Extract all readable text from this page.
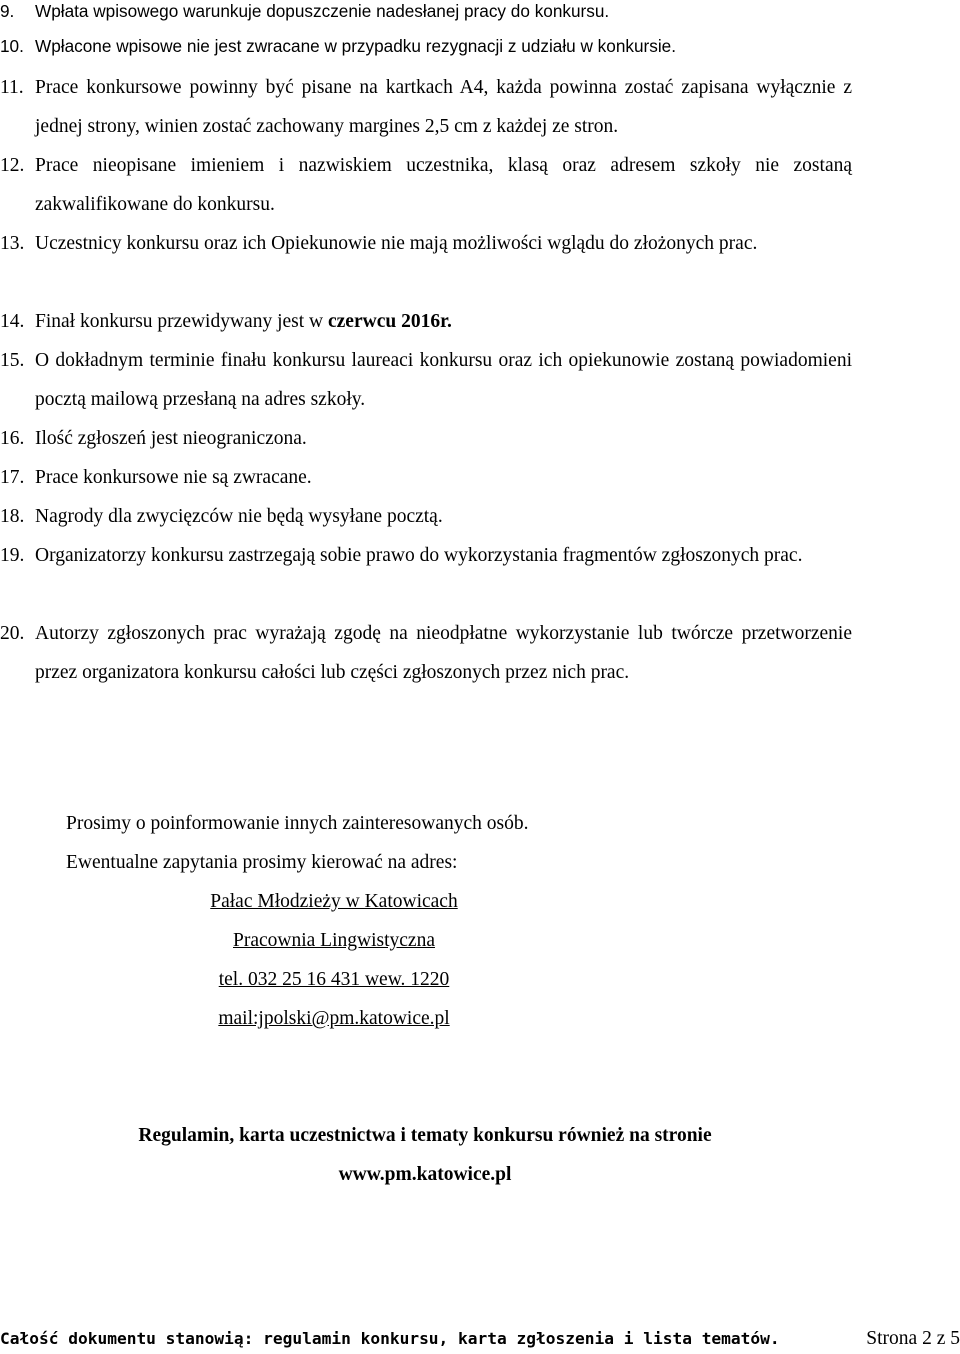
9. Wpłata wpisowego warunkuje dopuszczenie nadesłanej pracy do konkursu.
10. Wpłacone wpisowe nie jest zwracane w przypadku rezygnacji z udziału w konkursie.
11. Prace konkursowe powinny być pisane na kartkach A4, każda powinna zostać zapisana wyłącznie z jednej strony, winien zostać zachowany margines 2,5 cm z każdej ze stron.
12. Prace nieopisane imieniem i nazwiskiem uczestnika, klasą oraz adresem szkoły nie zostaną zakwalifikowane do konkursu.
13. Uczestnicy konkursu oraz ich Opiekunowie nie mają możliwości wglądu do złożonych prac.
14. Finał konkursu przewidywany jest w czerwcu 2016r.
15. O dokładnym terminie finału konkursu laureaci konkursu oraz ich opiekunowie zostaną powiadomieni pocztą mailową przesłaną na adres szkoły.
16. Ilość zgłoszeń jest nieograniczona.
17. Prace konkursowe nie są zwracane.
18. Nagrody dla zwycięzców nie będą wysyłane pocztą.
19. Organizatorzy konkursu zastrzegają sobie prawo do wykorzystania fragmentów zgłoszonych prac.
20. Autorzy zgłoszonych prac wyrażają zgodę na nieodpłatne wykorzystanie lub twórcze przetworzenie przez organizatora konkursu całości lub części zgłoszonych przez nich prac.

Prosimy o poinformowanie innych zainteresowanych osób.

Ewentualne zapytania prosimy kierować na adres:

Pałac Młodzieży w Katowicach

Pracownia Lingwistyczna

tel. 032 25 16 431 wew. 1220

mail:jpolski@pm.katowice.pl

Regulamin, karta uczestnictwa i tematy konkursu również na stronie
www.pm.katowice.pl
Całość dokumentu stanowią: regulamin konkursu, karta zgłoszenia i lista tematów.	Strona 2 z 5
